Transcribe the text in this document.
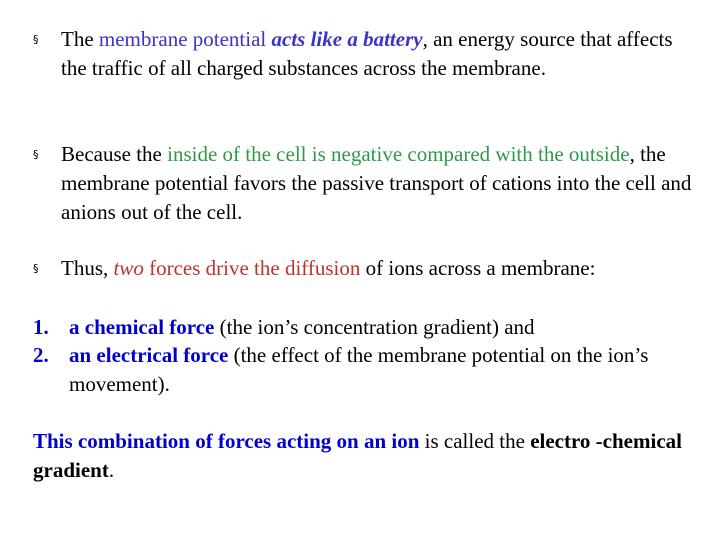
§ The membrane potential acts like a battery, an energy source that affects the traffic of all charged substances across the membrane.
§ Because the inside of the cell is negative compared with the outside, the membrane potential favors the passive transport of cations into the cell and anions out of the cell.
§ Thus, two forces drive the diffusion of ions across a membrane:
1. a chemical force (the ion’s concentration gradient) and
2. an electrical force (the effect of the membrane potential on the ion’s movement).
This combination of forces acting on an ion is called the electro -chemical gradient.
